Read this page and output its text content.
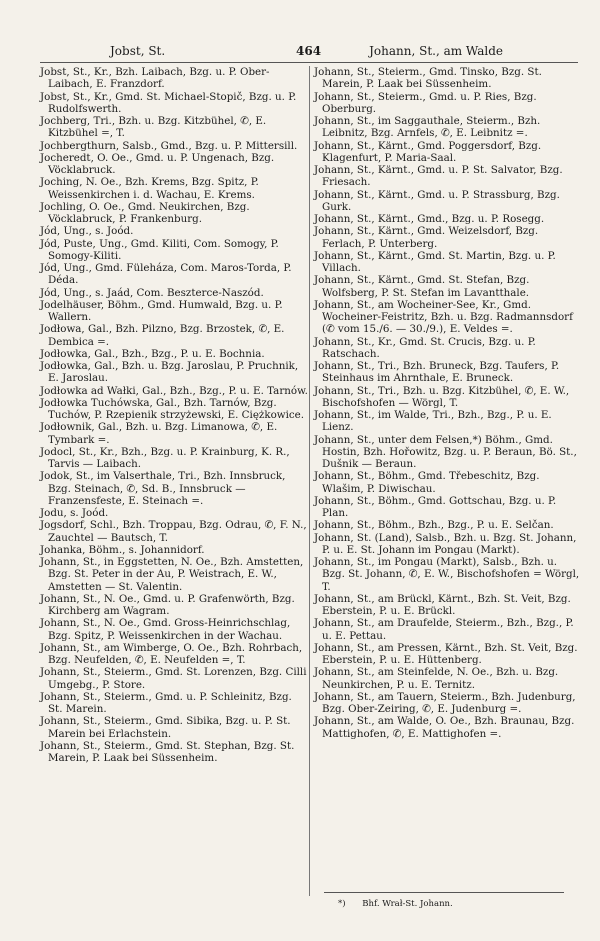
Jobst, St.	464	Johann, St., am Walde

Jobst, St., Kr., Bzh. Laibach, Bzg. u. P. Ober-Laibach, E. Franzdorf.

Jobst, St., Kr., Gmd. St. Michael-Stopič, Bzg. u. P. Rudolfswerth.

Jochberg, Tri., Bzh. u. Bzg. Kitzbühel, ✆, E. Kitzbühel =, T.

Jochbergthurn, Salsb., Gmd., Bzg. u. P. Mittersill.

Jocheredt, O. Oe., Gmd. u. P. Ungenach, Bzg. Vöcklabruck.

Joching, N. Oe., Bzh. Krems, Bzg. Spitz, P. Weissenkirchen i. d. Wachau, E. Krems.

Jochling, O. Oe., Gmd. Neukirchen, Bzg. Vöcklabruck, P. Frankenburg.

Jód, Ung., s. Joód.

Jód, Puste, Ung., Gmd. Kiliti, Com. Somogy, P. Somogy-Kiliti.

Jód, Ung., Gmd. Füleháza, Com. Maros-Torda, P. Déda.

Jód, Ung., s. Jaád, Com. Beszterce-Naszód.

Jodelhäuser, Böhm., Gmd. Humwald, Bzg. u. P. Wallern.

Jodłowa, Gal., Bzh. Pilzno, Bzg. Brzostek, ✆, E. Dembica =.

Jodłowka, Gal., Bzh., Bzg., P. u. E. Bochnia.

Jodłowka, Gal., Bzh. u. Bzg. Jaroslau, P. Pruchnik, E. Jaroslau.

Jodłowka ad Wałki, Gal., Bzh., Bzg., P. u. E. Tarnów.

Jodłowka Tuchówska, Gal., Bzh. Tarnów, Bzg. Tuchów, P. Rzepienik strzyżewski, E. Ciężkowice.

Jodłownik, Gal., Bzh. u. Bzg. Limanowa, ✆, E. Tymbark =.

Jodocl, St., Kr., Bzh., Bzg. u. P. Krainburg, K. R., Tarvis — Laibach.

Jodok, St., im Valserthale, Tri., Bzh. Innsbruck, Bzg. Steinach, ✆, Sd. B., Innsbruck — Franzensfeste, E. Steinach =.

Jodu, s. Joód.

Jogsdorf, Schl., Bzh. Troppau, Bzg. Odrau, ✆, F. N., Zauchtel — Bautsch, T.

Johanka, Böhm., s. Johannidorf.

Johann, St., in Eggstetten, N. Oe., Bzh. Amstetten, Bzg. St. Peter in der Au, P. Weistrach, E. W., Amstetten — St. Valentin.

Johann, St., N. Oe., Gmd. u. P. Grafenwörth, Bzg. Kirchberg am Wagram.

Johann, St., N. Oe., Gmd. Gross-Heinrichschlag, Bzg. Spitz, P. Weissenkirchen in der Wachau.

Johann, St., am Wimberge, O. Oe., Bzh. Rohrbach, Bzg. Neufelden, ✆, E. Neufelden =, T.

Johann, St., Steierm., Gmd. St. Lorenzen, Bzg. Cilli Umgebg., P. Store.

Johann, St., Steierm., Gmd. u. P. Schleinitz, Bzg. St. Marein.

Johann, St., Steierm., Gmd. Sibika, Bzg. u. P. St. Marein bei Erlachstein.

Johann, St., Steierm., Gmd. St. Stephan, Bzg. St. Marein, P. Laak bei Süssenheim.

Johann, St., Steierm., Gmd. Tinsko, Bzg. St. Marein, P. Laak bei Süssenheim.

Johann, St., Steierm., Gmd. u. P. Ries, Bzg. Oberburg.

Johann, St., im Saggauthale, Steierm., Bzh. Leibnitz, Bzg. Arnfels, ✆, E. Leibnitz =.

Johann, St., Kärnt., Gmd. Poggersdorf, Bzg. Klagenfurt, P. Maria-Saal.

Johann, St., Kärnt., Gmd. u. P. St. Salvator, Bzg. Friesach.

Johann, St., Kärnt., Gmd. u. P. Strassburg, Bzg. Gurk.

Johann, St., Kärnt., Gmd., Bzg. u. P. Rosegg.

Johann, St., Kärnt., Gmd. Weizelsdorf, Bzg. Ferlach, P. Unterberg.

Johann, St., Kärnt., Gmd. St. Martin, Bzg. u. P. Villach.

Johann, St., Kärnt., Gmd. St. Stefan, Bzg. Wolfsberg, P. St. Stefan im Lavantthale.

Johann, St., am Wocheiner-See, Kr., Gmd. Wocheiner-Feistritz, Bzh. u. Bzg. Radmannsdorf (✆ vom 15./6. — 30./9.), E. Veldes =.

Johann, St., Kr., Gmd. St. Crucis, Bzg. u. P. Ratschach.

Johann, St., Tri., Bzh. Bruneck, Bzg. Taufers, P. Steinhaus im Ahrnthale, E. Bruneck.

Johann, St., Tri., Bzh. u. Bzg. Kitzbühel, ✆, E. W., Bischofshofen — Wörgl, T.

Johann, St., im Walde, Tri., Bzh., Bzg., P. u. E. Lienz.

Johann, St., unter dem Felsen,*) Böhm., Gmd. Hostin, Bzh. Hořowitz, Bzg. u. P. Beraun, Bö. St., Dušnik — Beraun.

Johann, St., Böhm., Gmd. Třebeschitz, Bzg. Wlašim, P. Diwischau.

Johann, St., Böhm., Gmd. Gottschau, Bzg. u. P. Plan.

Johann, St., Böhm., Bzh., Bzg., P. u. E. Selčan.

Johann, St. (Land), Salsb., Bzh. u. Bzg. St. Johann, P. u. E. St. Johann im Pongau (Markt).

Johann, St., im Pongau (Markt), Salsb., Bzh. u. Bzg. St. Johann, ✆, E. W., Bischofshofen = Wörgl, T.

Johann, St., am Brückl, Kärnt., Bzh. St. Veit, Bzg. Eberstein, P. u. E. Brückl.

Johann, St., am Draufelde, Steierm., Bzh., Bzg., P. u. E. Pettau.

Johann, St., am Pressen, Kärnt., Bzh. St. Veit, Bzg. Eberstein, P. u. E. Hüttenberg.

Johann, St., am Steinfelde, N. Oe., Bzh. u. Bzg. Neunkirchen, P. u. E. Ternitz.

Johann, St., am Tauern, Steierm., Bzh. Judenburg, Bzg. Ober-Zeiring, ✆, E. Judenburg =.

Johann, St., am Walde, O. Oe., Bzh. Braunau, Bzg. Mattighofen, ✆, E. Mattighofen =.

*) Bhf. Wrał-St. Johann.
